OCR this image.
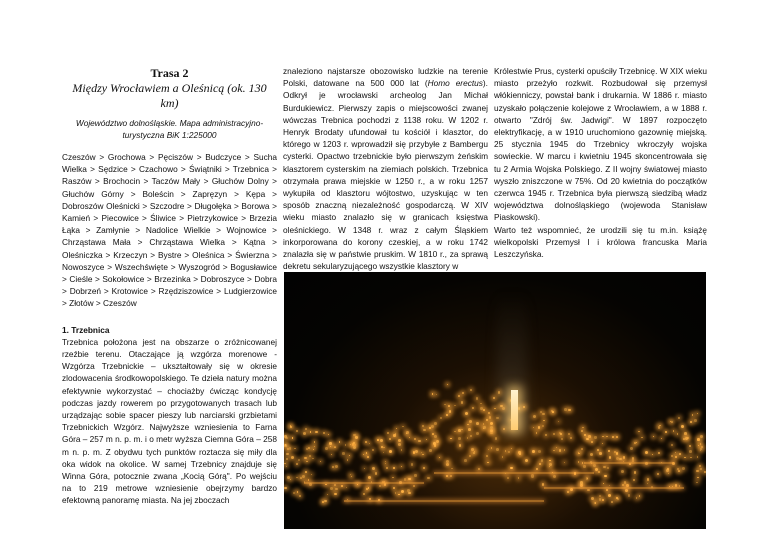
Trasa 2
Między Wrocławiem a Oleśnicą (ok. 130 km)
Województwo dolnośląskie. Mapa administracyjno-turystyczna BiK 1:225000

Czeszów > Grochowa > Pęciszów > Budczyce > Sucha Wielka > Sędzice > Czachowo > Świątniki > Trzebnica > Raszów > Brochocin > Taczów Mały > Głuchów Dolny > Głuchów Górny > Boleścin > Zapręzyn > Kępa > Dobroszów Oleśnicki > Szczodre > Długołęka > Borowa > Kamień > Piecowice > Śliwice > Pietrzykowice > Brzezia Łąka > Zamłynie > Nadolice Wielkie > Wojnowice > Chrząstawa Mała > Chrząstawa Wielka > Kątna > Oleśniczka > Krzeczyn > Bystre > Oleśnica > Świerzna > Nowoszyce > Wszechświęte > Wyszogród > Bogusławice > Cieśle > Sokołowice > Brzezinka > Dobroszyce > Dobra > Dobrzeń > Krotowice > Rzędziszowice > Ludgierzowice > Złotów > Czeszów

1. Trzebnica

Trzebnica położona jest na obszarze o zróżnicowanej rzeźbie terenu. Otaczające ją wzgórza morenowe - Wzgórza Trzebnickie – ukształtowały się w okresie zlodowacenia środkowopolskiego. Te dzieła natury można efektywnie wykorzystać – chociażby ćwicząc kondycję podczas jazdy rowerem po przygotowanych trasach lub urządzając sobie spacer pieszy lub narciarski grzbietami Trzebnickich Wzgórz. Najwyższe wzniesienia to Farna Góra – 257 m n. p. m. i o metr wyższa Ciemna Góra – 258 m n. p. m. Z obydwu tych punktów roztacza się miły dla oka widok na okolice. W samej Trzebnicy znajduje się Winna Góra, potocznie zwana „Kocią Górą". Po wejściu na to 219 metrowe wzniesienie obejrzymy bardzo efektowną panoramę miasta. Na jej zboczach

znaleziono najstarsze obozowisko ludzkie na terenie Polski, datowane na 500 000 lat (Homo erectus). Odkrył je wrocławski archeolog Jan Michał Burdukiewicz. Pierwszy zapis o miejscowości zwanej wówczas Trebnica pochodzi z 1138 roku. W 1202 r. Henryk Brodaty ufundował tu kościół i klasztor, do którego w 1203 r. wprowadził się przybyłe z Bambergu cysterki. Opactwo trzebnickie było pierwszym żeńskim klasztorem cysterskim na ziemiach polskich. Trzebnica otrzymała prawa miejskie w 1250 r., a w roku 1257 wykupiła od klasztoru wójtostwo, uzyskując w ten sposób znaczną niezależność gospodarczą. W XIV wieku miasto znalazło się w granicach księstwa oleśnickiego. W 1348 r. wraz z całym Śląskiem inkorporowana do korony czeskiej, a w roku 1742 znalazła się w państwie pruskim. W 1810 r., za sprawą dekretu sekularyzującego wszystkie klasztory w

Królestwie Prus, cysterki opuściły Trzebnicę. W XIX wieku miasto przeżyło rozkwit. Rozbudował się przemysł włókienniczy, powstał bank i drukarnia. W 1886 r. miasto uzyskało połączenie kolejowe z Wrocławiem, a w 1888 r. otwarto "Zdrój św. Jadwigi". W 1897 rozpoczęto elektryfikację, a w 1910 uruchomiono gazownię miejską. 25 stycznia 1945 do Trzebnicy wkroczyły wojska sowieckie. W marcu i kwietniu 1945 skoncentrowała się tu 2 Armia Wojska Polskiego. Z II wojny światowej miasto wyszło zniszczone w 75%. Od 20 kwietnia do początków czerwca 1945 r. Trzebnica była pierwszą siedzibą władz województwa dolnośląskiego (wojewoda Stanisław Piaskowski).

Warto też wspomnieć, że urodzili się tu m.in. książę wielkopolski Przemysł I i królowa francuska Maria Leszczyńska.
